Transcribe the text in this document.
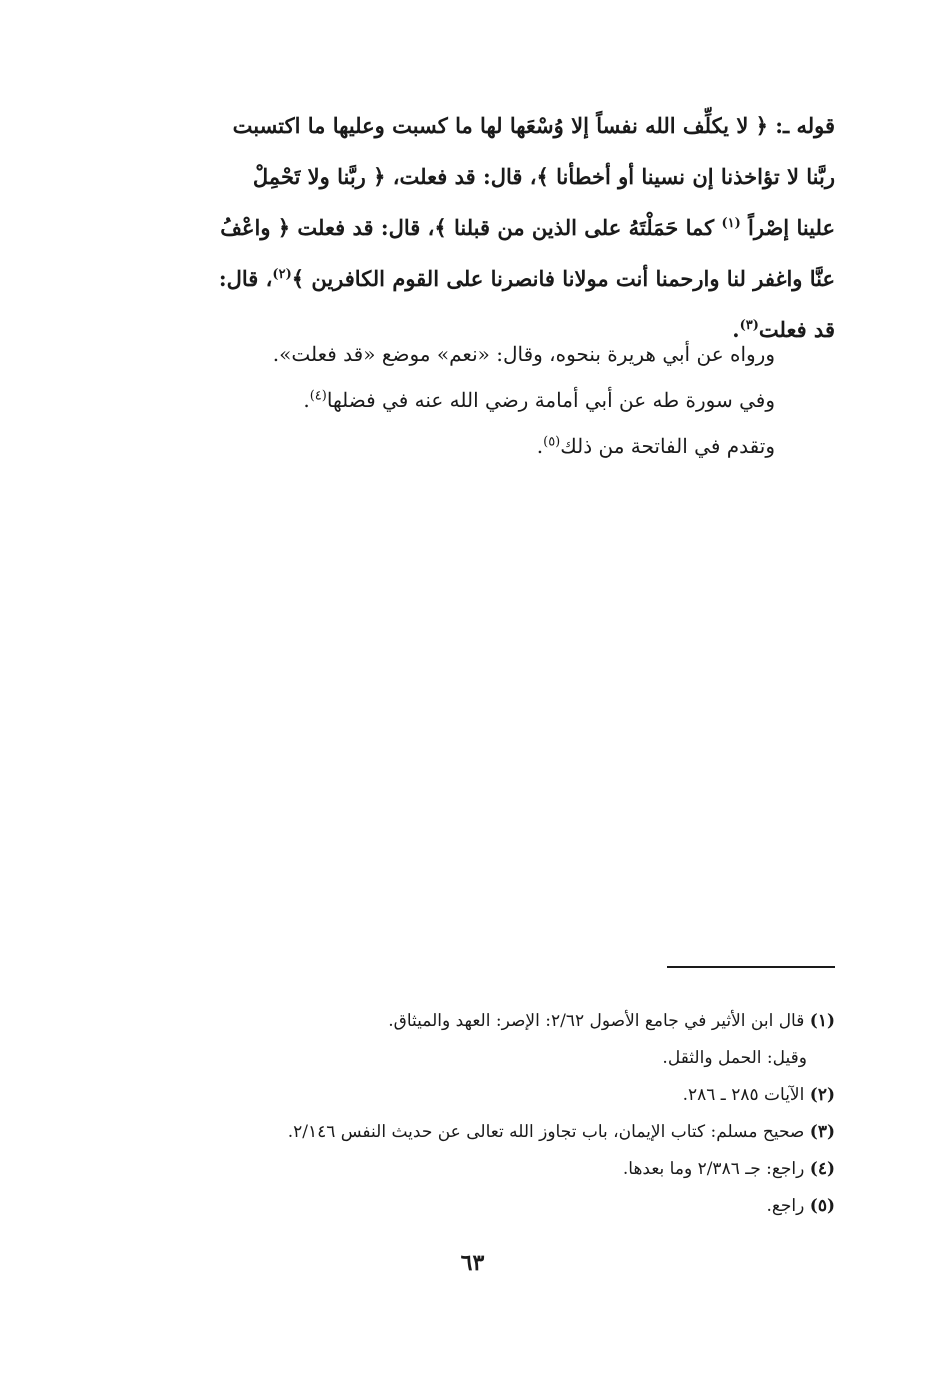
قوله ـ: ﴿ لا يكلِّف الله نفساً إلا وُسْعَها لها ما كسبت وعليها ما اكتسبت

ربَّنا لا تؤاخذنا إن نسينا أو أخطأنا ﴾، قال: قد فعلت، ﴿ ربَّنا ولا تَحْمِلْ

علينا إصْراً $^{(١)}$ كما حَمَلْتَهُ على الذين من قبلنا ﴾، قال: قد فعلت ﴿ واعْفُ

عنَّا واغفر لنا وارحمنا أنت مولانا فانصرنا على القوم الكافرين ﴾$^{(٢)}$، قال:

قد فعلت$^{(٣)}$.

ورواه عن أبي هريرة بنحوه، وقال: «نعم» موضع «قد فعلت».

وفي سورة طه عن أبي أمامة رضي الله عنه في فضلها$^{(٤)}$.

وتقدم في الفاتحة من ذلك$^{(٥)}$.

(١) قال ابن الأثير في جامع الأصول ٢/٦٢: الإصر: العهد والميثاق.

وقيل: الحمل والثقل.

(٢) الآيات ٢٨٥ ـ ٢٨٦.

(٣) صحيح مسلم: كتاب الإيمان، باب تجاوز الله تعالى عن حديث النفس ٢/١٤٦.

(٤) راجع: جـ ٢/٣٨٦ وما بعدها.

(٥) راجع.

٦٣
